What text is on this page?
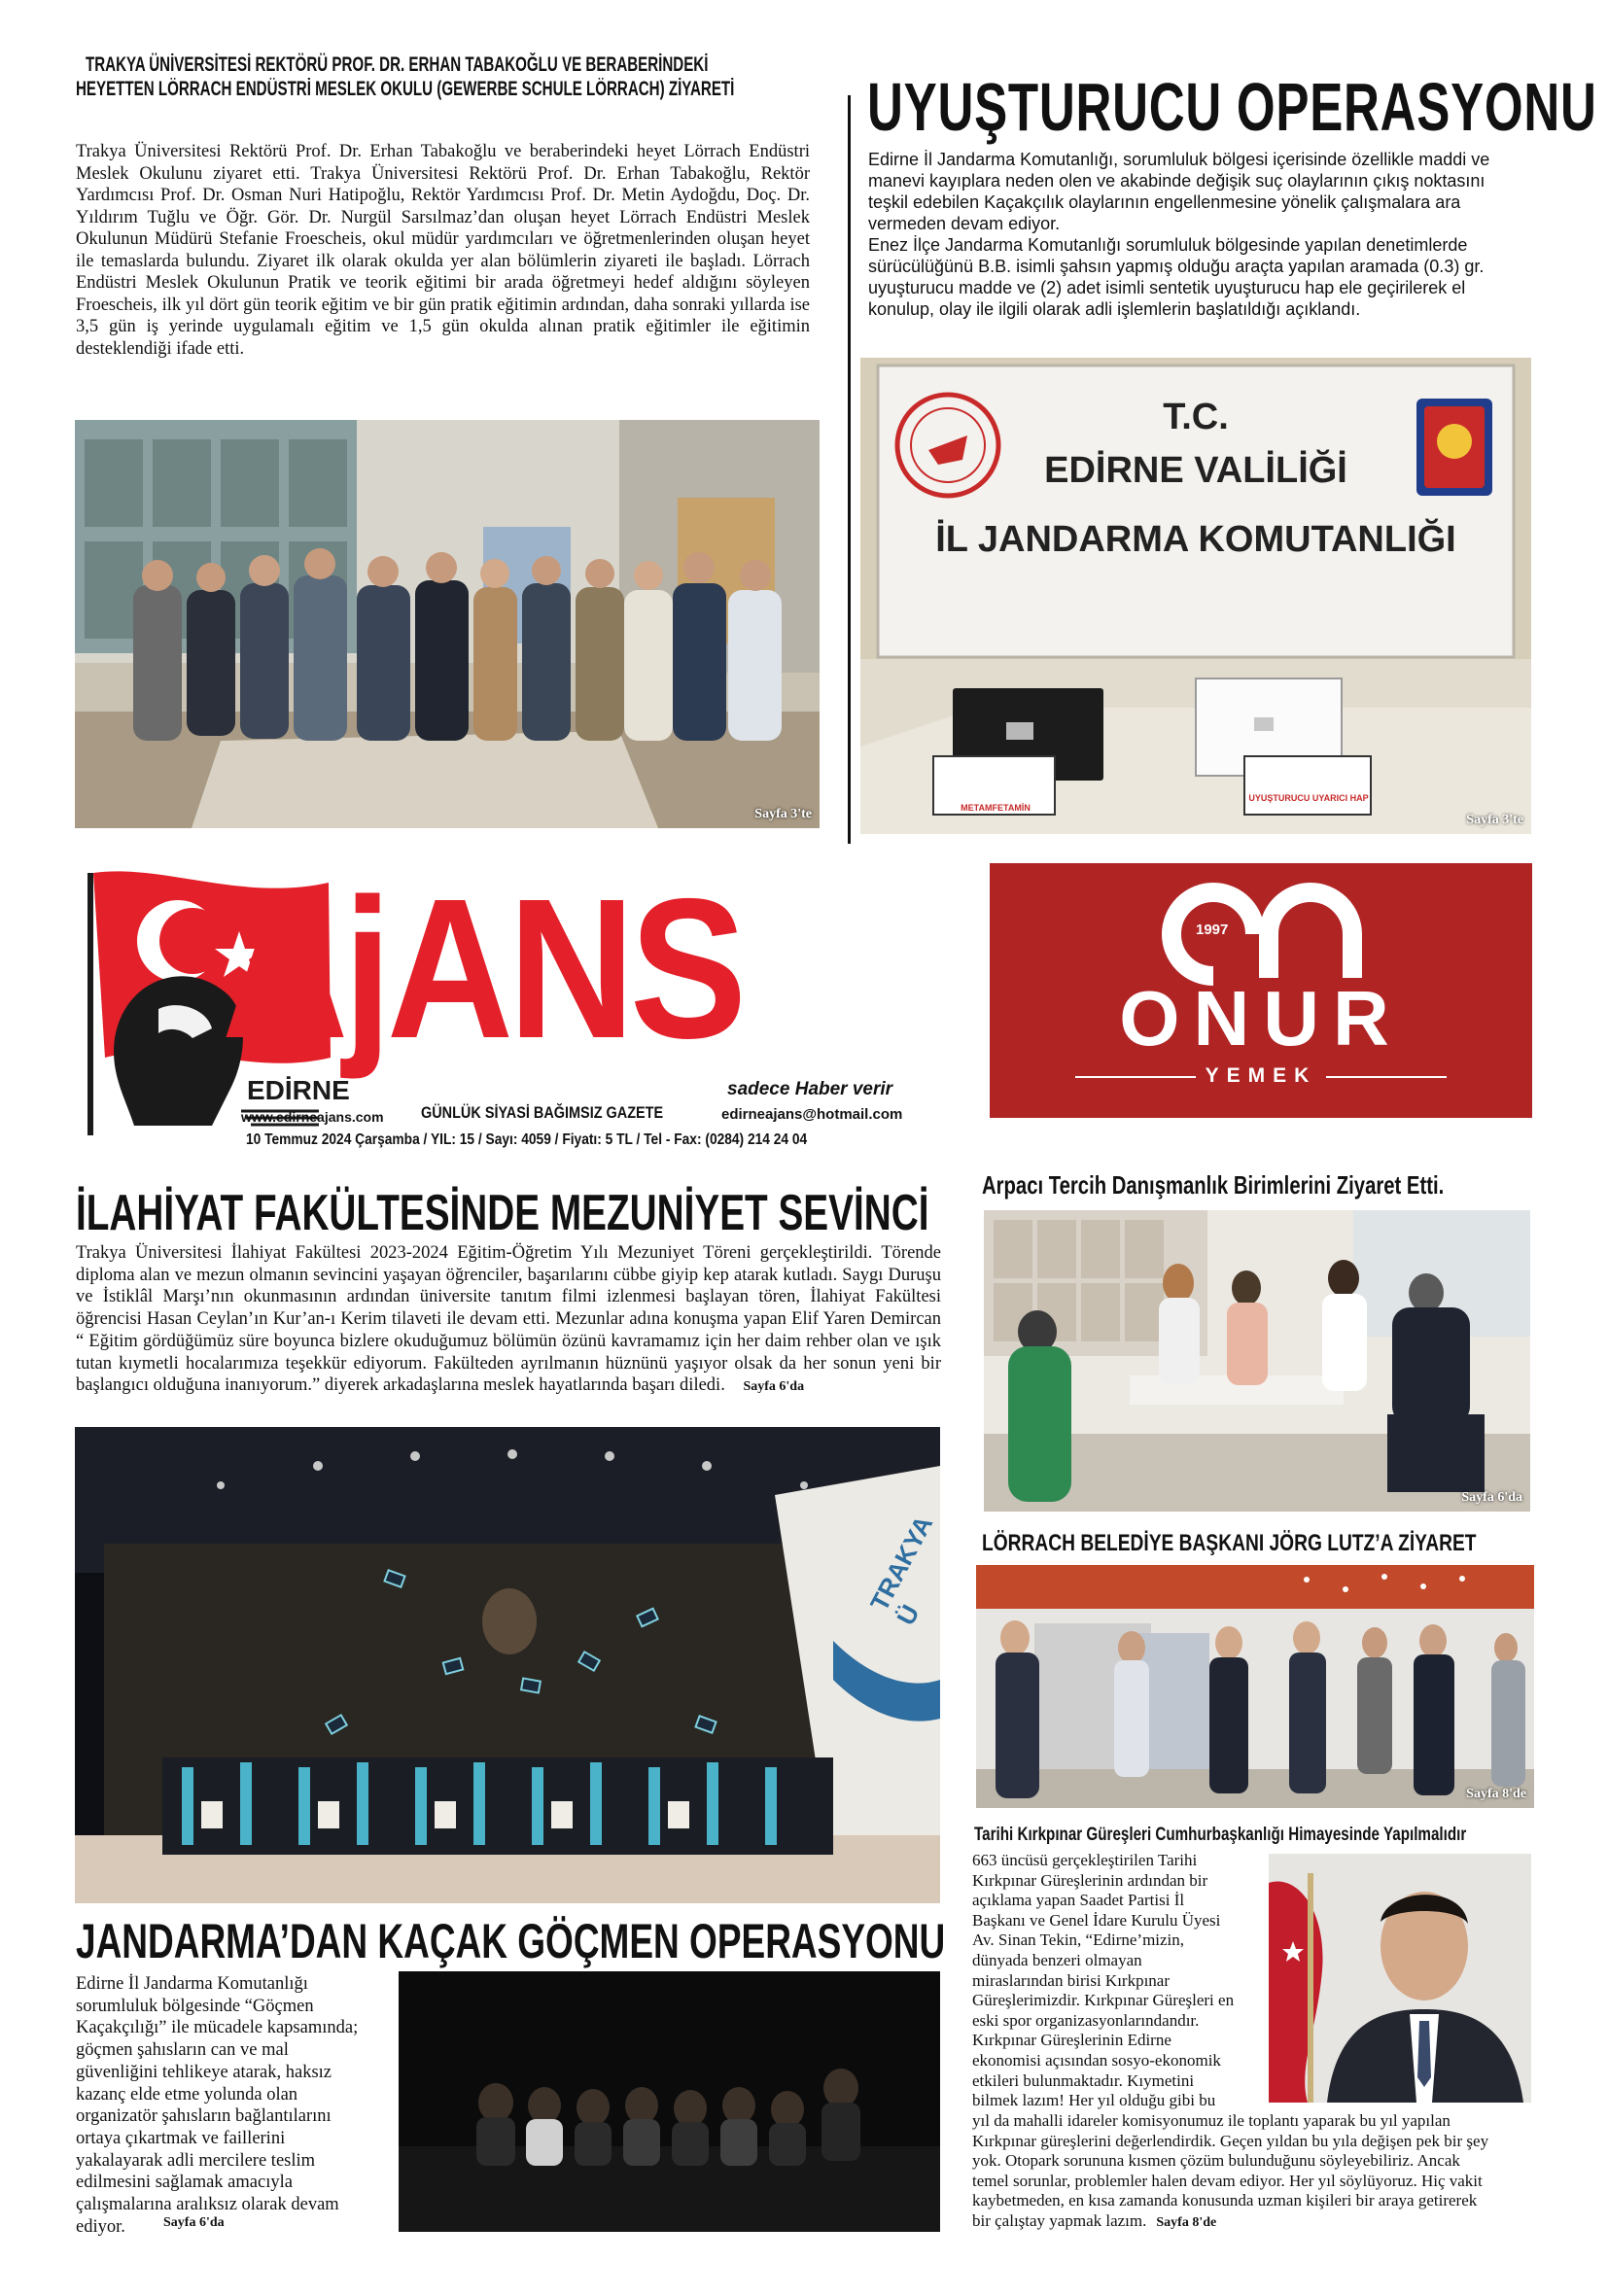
TRAKYA ÜNİVERSİTESİ REKTÖRÜ PROF. DR. ERHAN TABAKOĞLU VE BERABERİNDEKİ
HEYETTEN LÖRRACH ENDÜSTRİ MESLEK OKULU (GEWERBE SCHULE LÖRRACH) ZİYARETİ
Trakya Üniversitesi Rektörü Prof. Dr. Erhan Tabakoğlu ve beraberindeki heyet Lörrach Endüstri Meslek Okulunu ziyaret etti. Trakya Üniversitesi Rektörü Prof. Dr. Erhan Tabakoğlu, Rektör Yardımcısı Prof. Dr. Osman Nuri Hatipoğlu, Rektör Yardımcısı Prof. Dr. Metin Aydoğdu, Doç. Dr. Yıldırım Tuğlu ve Öğr. Gör. Dr. Nurgül Sarsılmaz’dan oluşan heyet Lörrach Endüstri Meslek Okulunun Müdürü Stefanie Froescheis, okul müdür yardımcıları ve öğretmenlerinden oluşan heyet ile temaslarda bulundu. Ziyaret ilk olarak okulda yer alan bölümlerin ziyareti ile başladı. Lörrach Endüstri Meslek Okulunun Pratik ve teorik eğitimi bir arada öğretmeyi hedef aldığını söyleyen Froescheis, ilk yıl dört gün teorik eğitim ve bir gün pratik eğitimin ardından, daha sonraki yıllarda ise 3,5 gün iş yerinde uygulamalı eğitim ve 1,5 gün okulda alınan pratik eğitimler ile eğitimin desteklendiği ifade etti.
Sayfa 3'te
UYUŞTURUCU OPERASYONU
Edirne İl Jandarma Komutanlığı, sorumluluk bölgesi içerisinde özellikle maddi ve manevi kayıplara neden olen ve akabinde değişik suç olaylarının çıkış noktasını teşkil edebilen Kaçakçılık olaylarının engellenmesine yönelik çalışmalara ara vermeden devam ediyor.
Enez İlçe Jandarma Komutanlığı sorumluluk bölgesinde yapılan denetimlerde sürücülüğünü B.B. isimli şahsın yapmış olduğu araçta yapılan aramada (0.3) gr. uyuşturucu madde ve (2) adet isimli sentetik uyuşturucu hap ele geçirilerek el konulup, olay ile ilgili olarak adli işlemlerin başlatıldığı açıklandı.
T.C.
EDİRNE VALİLİĞİ
İL JANDARMA KOMUTANLIĞI
METAMFETAMİN
UYUŞTURUCU UYARICI HAP
Sayfa 3'te
AjANS
EDİRNE
www.edirneajans.com GÜNLÜK SİYASİ BAĞIMSIZ GAZETE
sadece Haber verir
edirneajans@hotmail.com
10 Temmuz 2024 Çarşamba / YIL: 15 / Sayı: 4059 / Fiyatı: 5 TL / Tel - Fax: (0284) 214 24 04
1997
ONUR
YEMEK
İLAHİYAT FAKÜLTESİNDE MEZUNİYET SEVİNCİ
Trakya Üniversitesi İlahiyat Fakültesi 2023-2024 Eğitim-Öğretim Yılı Mezuniyet Töreni gerçekleştirildi. Törende diploma alan ve mezun olmanın sevincini yaşayan öğrenciler, başarılarını cübbe giyip kep atarak kutladı. Saygı Duruşu ve İstiklâl Marşı’nın okunmasının ardından üniversite tanıtım filmi izlenmesi başlayan tören, İlahiyat Fakültesi öğrencisi Hasan Ceylan’ın Kur’an-ı Kerim tilaveti ile devam etti. Mezunlar adına konuşma yapan Elif Yaren Demircan “ Eğitim gördüğümüz süre boyunca bizlere okuduğumuz bölümün özünü kavramamız için her daim rehber olan ve ışık tutan kıymetli hocalarımıza teşekkür ediyorum. Fakülteden ayrılmanın hüznünü yaşıyor olsak da her sonun yeni bir başlangıcı olduğuna inanıyorum.” diyerek arkadaşlarına meslek hayatlarında başarı diledi. Sayfa 6'da
TRAKYA Ü
JANDARMA’DAN KAÇAK GÖÇMEN OPERASYONU
Edirne İl Jandarma Komutanlığı
sorumluluk bölgesinde “Göçmen
Kaçakçılığı” ile mücadele kapsamında;
göçmen şahısların can ve mal
güvenliğini tehlikeye atarak, haksız
kazanç elde etme yolunda olan
organizatör şahısların bağlantılarını
ortaya çıkartmak ve faillerini
yakalayarak adli mercilere teslim
edilmesini sağlamak amacıyla
çalışmalarına aralıksız olarak devam
ediyor.	Sayfa 6'da
Arpacı Tercih Danışmanlık Birimlerini Ziyaret Etti.
Sayfa 6'da
LÖRRACH BELEDİYE BAŞKANI JÖRG LUTZ’A ZİYARET
Sayfa 8'de
Tarihi Kırkpınar Güreşleri Cumhurbaşkanlığı Himayesinde Yapılmalıdır
663 üncüsü gerçekleştirilen Tarihi
Kırkpınar Güreşlerinin ardından bir
açıklama yapan Saadet Partisi İl
Başkanı ve Genel İdare Kurulu Üyesi
Av. Sinan Tekin, “Edirne’mizin,
dünyada benzeri olmayan
miraslarından birisi Kırkpınar
Güreşlerimizdir. Kırkpınar Güreşleri en
eski spor organizasyonlarındandır.
Kırkpınar Güreşlerinin Edirne
ekonomisi açısından sosyo-ekonomik
etkileri bulunmaktadır. Kıymetini
bilmek lazım! Her yıl olduğu gibi bu
yıl da mahalli idareler komisyonumuz ile toplantı yaparak bu yıl yapılan
Kırkpınar güreşlerini değerlendirdik. Geçen yıldan bu yıla değişen pek bir şey
yok. Otopark sorununa kısmen çözüm bulunduğunu söyleyebiliriz. Ancak
temel sorunlar, problemler halen devam ediyor. Her yıl söylüyoruz. Hiç vakit
kaybetmeden, en kısa zamanda konusunda uzman kişileri bir araya getirerek
bir çalıştay yapmak lazım. Sayfa 8'de
